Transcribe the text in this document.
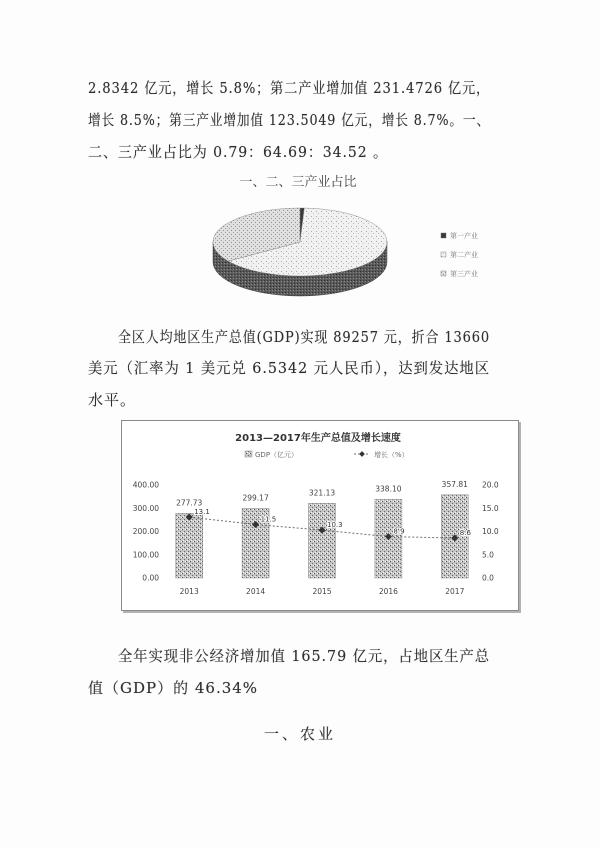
2.8342 亿元，增长 5.8%；第二产业增加值 231.4726 亿元，
增长 8.5%；第三产业增加值 123.5049 亿元，增长 8.7%。一、
二、三产业占比为 0.79：64.69：34.52 。
一、二、三产业占比
第一产业
第二产业
第三产业
全区人均地区生产总值(GDP)实现 89257 元，折合 13660
美元（汇率为 1 美元兑 6.5342 元人民币），达到发达地区
水平。
2013—2017年生产总值及增长速度
GDP（亿元）	增长（%）
400.00
300.00
200.00
100.00
0.00
20.0
15.0
10.0
5.0
0.0
2013	2014	2015	2016	2017
277.73
299.17
321.13	338.10
357.81
13.1
11.5
10.3
8.9	8.6
全年实现非公经济增加值 165.79 亿元，占地区生产总
值（GDP）的 46.34%
一、农业
